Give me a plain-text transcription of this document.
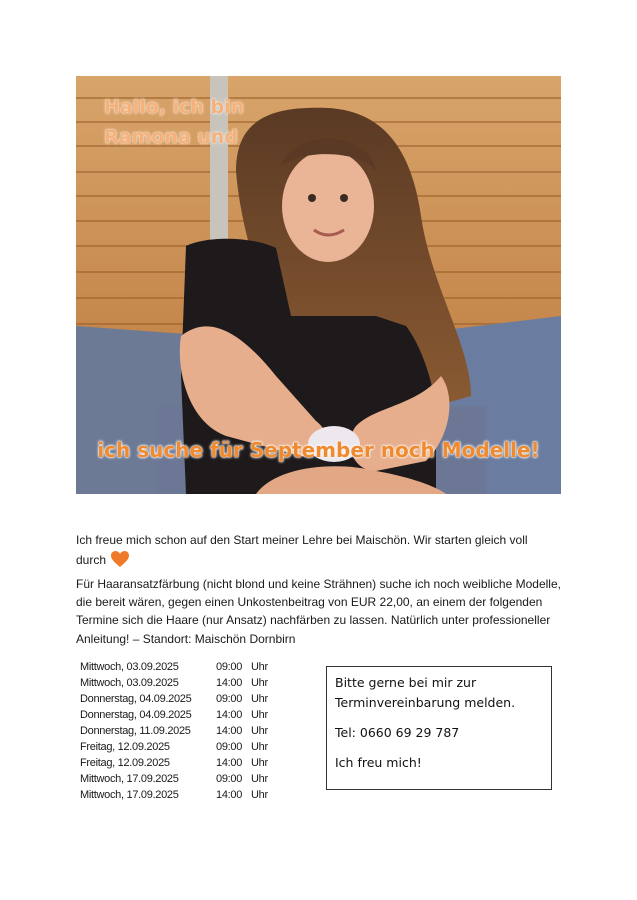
Hallo, ich bin
Ramona und
ich suche für September noch Modelle!
Ich freue mich schon auf den Start meiner Lehre bei Maischön. Wir starten gleich voll durch
Für Haaransatzfärbung (nicht blond und keine Strähnen) suche ich noch weibliche Modelle, die bereit wären, gegen einen Unkostenbeitrag von EUR 22,00, an einem der folgenden Termine sich die Haare (nur Ansatz) nachfärben zu lassen. Natürlich unter professioneller Anleitung! – Standort: Maischön Dornbirn
Mittwoch, 03.09.2025	09:00 Uhr
Mittwoch, 03.09.2025	14:00 Uhr
Donnerstag, 04.09.2025 09:00 Uhr
Donnerstag, 04.09.2025 14:00 Uhr
Donnerstag, 11.09.2025 14:00 Uhr
Freitag, 12.09.2025	09:00 Uhr
Freitag, 12.09.2025	14:00 Uhr
Mittwoch, 17.09.2025	09:00 Uhr
Mittwoch, 17.09.2025	14:00 Uhr

Bitte gerne bei mir zur

Terminvereinbarung melden.

Tel: 0660 69 29 787

Ich freu mich!
